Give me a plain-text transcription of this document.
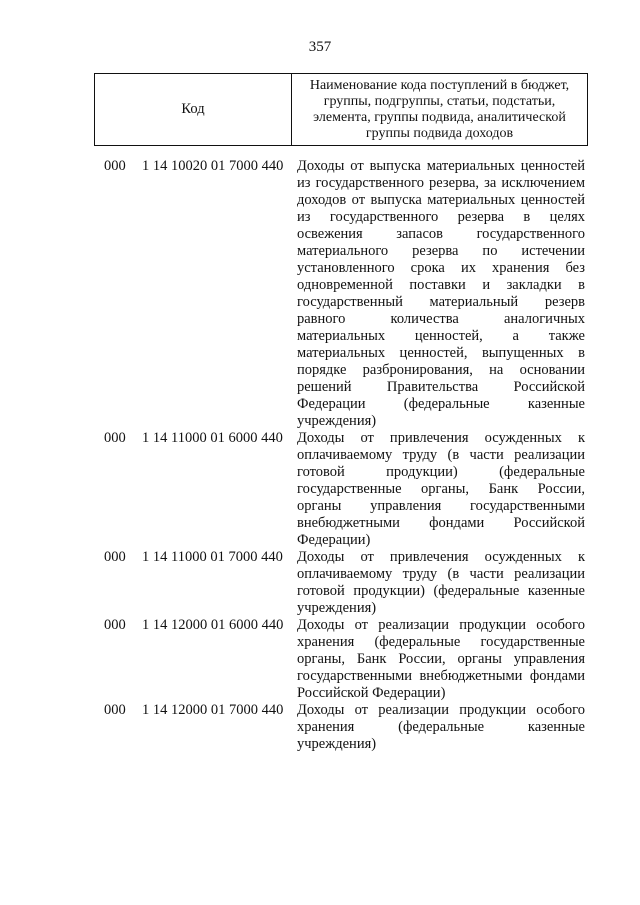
357
Код
Наименование кода поступлений в бюджет, группы, подгруппы, статьи, подстатьи, элемента, группы подвида, аналитической группы подвида доходов
000	1 14 10020 01 7000 440 Доходы от выпуска материальных ценностей из государственного резерва, за исключением доходов от выпуска материальных ценностей из государственного резерва в целях освежения запасов государственного материального резерва по истечении установленного срока их хранения без одновременной поставки и закладки в государственный материальный резерв равного количества аналогичных материальных ценностей, а также материальных ценностей, выпущенных в порядке разбронирования, на основании решений Правительства Российской Федерации (федеральные казенные учреждения)
000	1 14 11000 01 6000 440 Доходы от привлечения осужденных к оплачиваемому труду (в части реализации готовой продукции) (федеральные государственные органы, Банк России, органы управления государственными внебюджетными фондами Российской Федерации)
000	1 14 11000 01 7000 440 Доходы от привлечения осужденных к оплачиваемому труду (в части реализации готовой продукции) (федеральные казенные учреждения)
000	1 14 12000 01 6000 440 Доходы от реализации продукции особого хранения (федеральные государственные органы, Банк России, органы управления государственными внебюджетными фондами Российской Федерации)
000	1 14 12000 01 7000 440 Доходы от реализации продукции особого хранения (федеральные казенные учреждения)
